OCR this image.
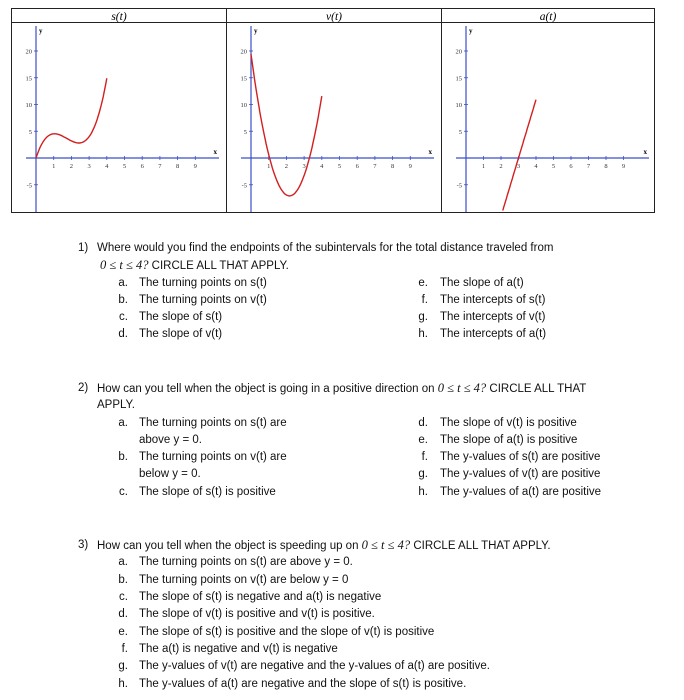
s(t)	v(t)	a(t)
x
y
20
15
10
5
-5
1 2 3 4 5 6 7 8 9
x
y
20
15
10
5
-5
1 2 3 4 5 6 7 8 9
x
y
20
15
10
5
-5
1 2 3 4 5 6 7 8 9
1) Where would you find the endpoints of the subintervals for the total distance traveled from
0 ≤ t ≤ 4? CIRCLE ALL THAT APPLY.
a. The turning points on s(t)
b. The turning points on v(t)
c. The slope of s(t)
d. The slope of v(t)
e. The slope of a(t)
f. The intercepts of s(t)
g. The intercepts of v(t)
h. The intercepts of a(t)
2) How can you tell when the object is going in a positive direction on 0 ≤ t ≤ 4? CIRCLE ALL THAT
APPLY.
a. The turning points on s(t) are
above y = 0.
b. The turning points on v(t) are
below y = 0.
c. The slope of s(t) is positive
d. The slope of v(t) is positive
e. The slope of a(t) is positive
f. The y-values of s(t) are positive
g. The y-values of v(t) are positive
h. The y-values of a(t) are positive
3) How can you tell when the object is speeding up on 0 ≤ t ≤ 4? CIRCLE ALL THAT APPLY.
a. The turning points on s(t) are above y = 0.
b. The turning points on v(t) are below y = 0
c. The slope of s(t) is negative and a(t) is negative
d. The slope of v(t) is positive and v(t) is positive.
e. The slope of s(t) is positive and the slope of v(t) is positive
f. The a(t) is negative and v(t) is negative
g. The y-values of v(t) are negative and the y-values of a(t) are positive.
h. The y-values of a(t) are negative and the slope of s(t) is positive.
